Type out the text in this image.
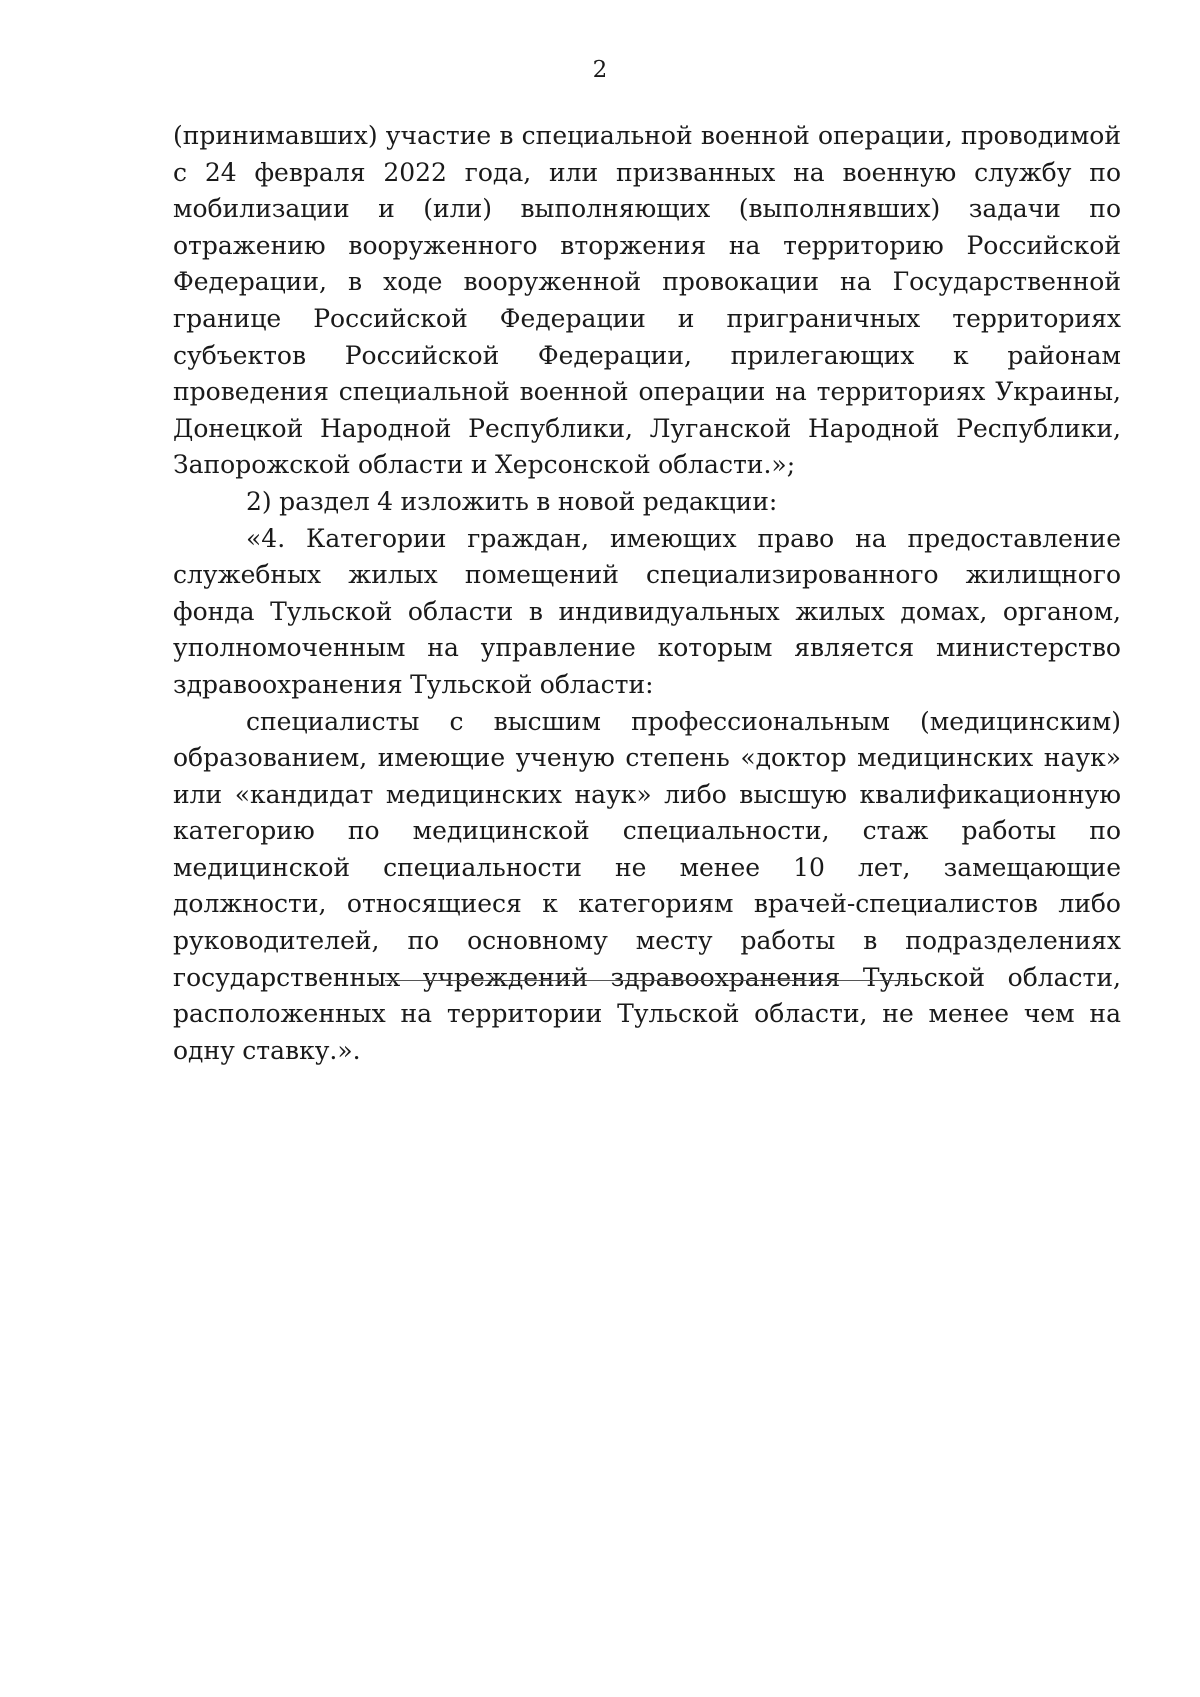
2

(принимавших) участие в специальной военной операции, проводимой с 24 февраля 2022 года, или призванных на военную службу по мобилизации и (или) выполняющих (выполнявших) задачи по отражению вооруженного вторжения на территорию Российской Федерации, в ходе вооруженной провокации на Государственной границе Российской Федерации и приграничных территориях субъектов Российской Федерации, прилегающих к районам проведения специальной военной операции на территориях Украины, Донецкой Народной Республики, Луганской Народной Республики, Запорожской области и Херсонской области.»;

2) раздел 4 изложить в новой редакции:

«4. Категории граждан, имеющих право на предоставление служебных жилых помещений специализированного жилищного фонда Тульской области в индивидуальных жилых домах, органом, уполномоченным на управление которым является министерство здравоохранения Тульской области:

специалисты с высшим профессиональным (медицинским) образованием, имеющие ученую степень «доктор медицинских наук» или «кандидат медицинских наук» либо высшую квалификационную категорию по медицинской специальности, стаж работы по медицинской специальности не менее 10 лет, замещающие должности, относящиеся к категориям врачей-специалистов либо руководителей, по основному месту работы в подразделениях государственных учреждений здравоохранения Тульской области, расположенных на территории Тульской области, не менее чем на одну ставку.».
